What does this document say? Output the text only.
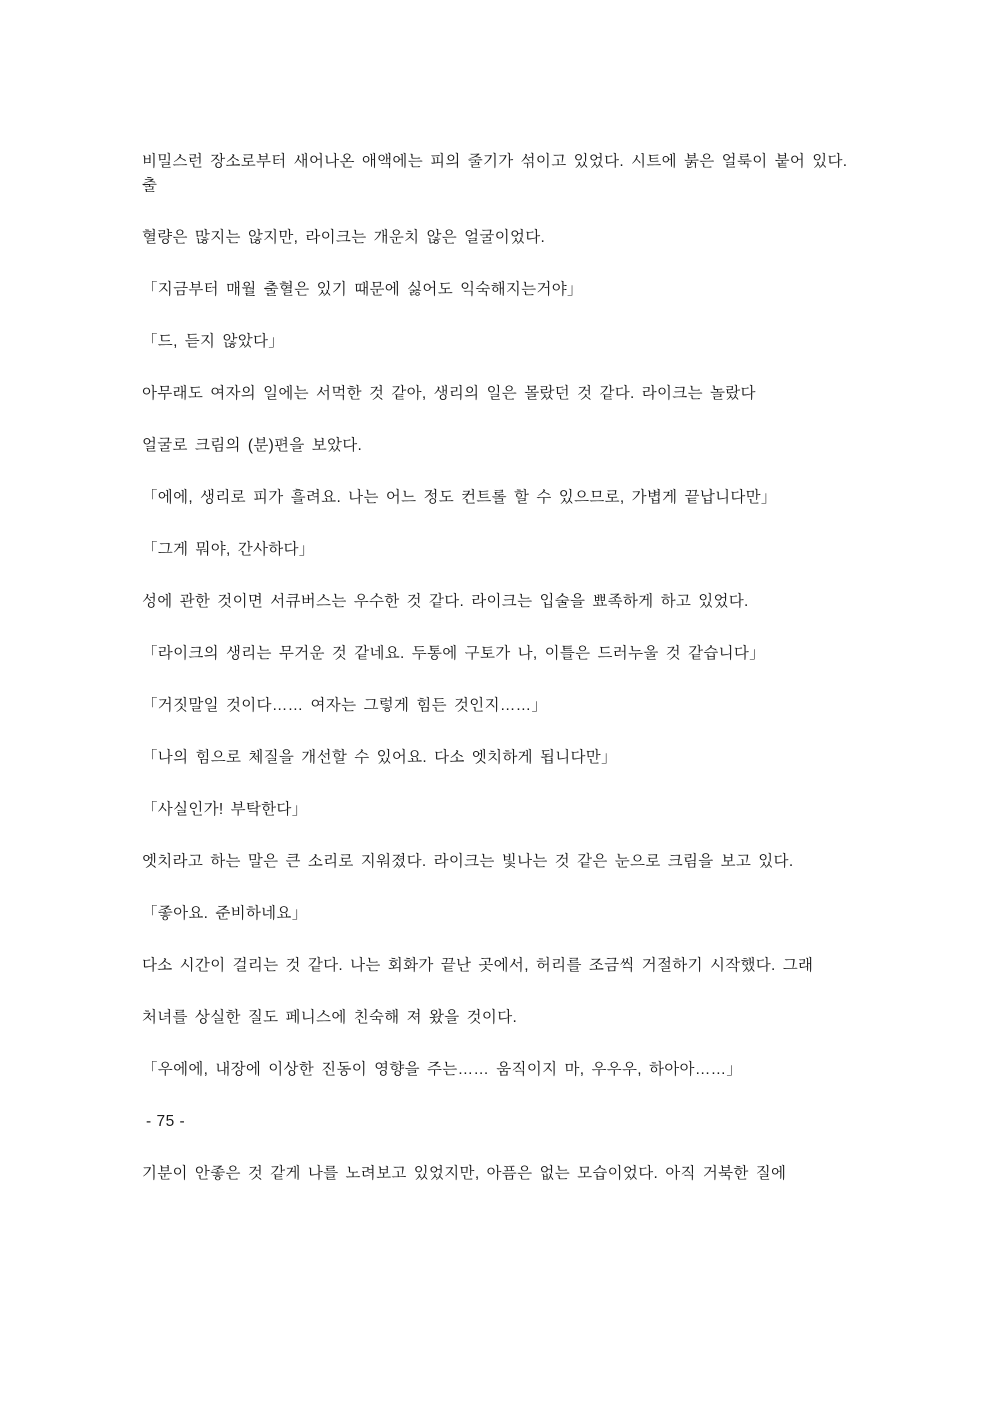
비밀스런 장소로부터 새어나온 애액에는 피의 줄기가 섞이고 있었다. 시트에 붉은 얼룩이 붙어 있다. 출

혈량은 많지는 않지만, 라이크는 개운치 않은 얼굴이었다.

「지금부터 매월 출혈은 있기 때문에 싫어도 익숙해지는거야」

「드, 듣지 않았다」

아무래도 여자의 일에는 서먹한 것 같아, 생리의 일은 몰랐던 것 같다. 라이크는 놀랐다

얼굴로 크림의 (분)편을 보았다.

「에에, 생리로 피가 흘려요. 나는 어느 정도 컨트롤 할 수 있으므로, 가볍게 끝납니다만」

「그게 뭐야, 간사하다」

성에 관한 것이면 서큐버스는 우수한 것 같다. 라이크는 입술을 뾰족하게 하고 있었다.

「라이크의 생리는 무거운 것 같네요. 두통에 구토가 나, 이틀은 드러누울 것 같습니다」

「거짓말일 것이다…… 여자는 그렇게 힘든 것인지……」

「나의 힘으로 체질을 개선할 수 있어요. 다소 엣치하게 됩니다만」

「사실인가! 부탁한다」

엣치라고 하는 말은 큰 소리로 지워졌다. 라이크는 빛나는 것 같은 눈으로 크림을 보고 있다.

「좋아요. 준비하네요」

다소 시간이 걸리는 것 같다. 나는 회화가 끝난 곳에서, 허리를 조금씩 거절하기 시작했다. 그래

처녀를 상실한 질도 페니스에 친숙해 져 왔을 것이다.

「우에에, 내장에 이상한 진동이 영향을 주는…… 움직이지 마, 우우우, 하아아……」

- 75 -

기분이 안좋은 것 같게 나를 노려보고 있었지만, 아픔은 없는 모습이었다. 아직 거북한 질에
